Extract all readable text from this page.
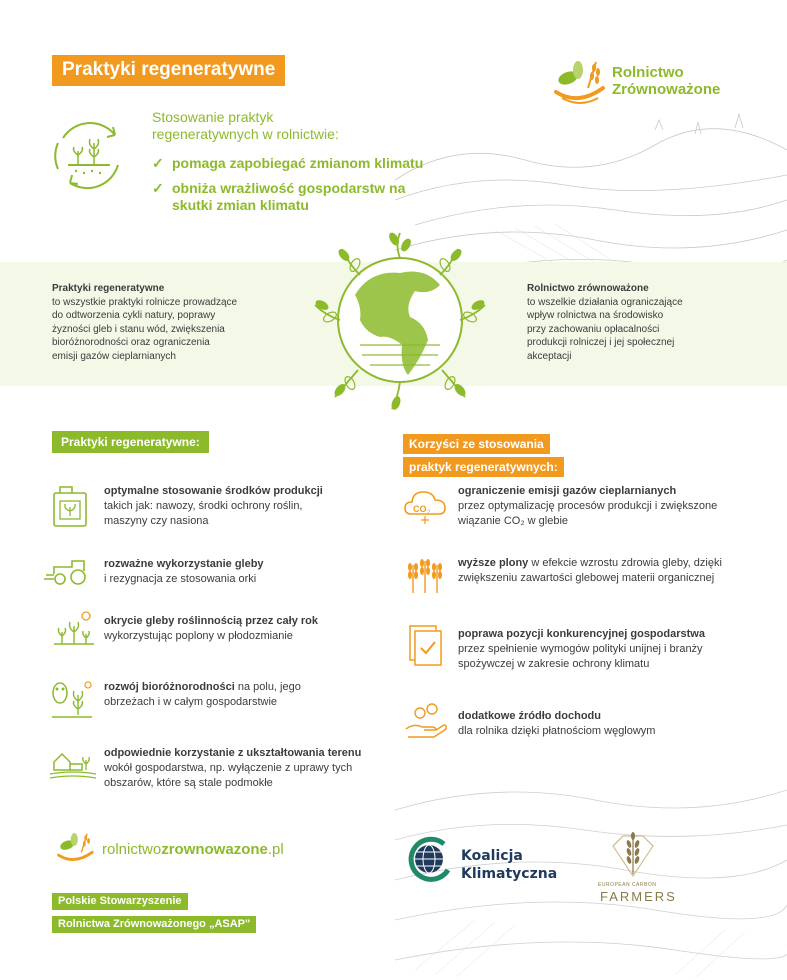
Praktyki regeneratywne	Rolnictwo
Zrównoważone
Stosowanie praktyk
regeneratywnych w rolnictwie:
✓ pomaga zapobiegać zmianom klimatu
✓ obniża wrażliwość gospodarstw na skutki zmian klimatu
Praktyki regeneratywne
to wszystkie praktyki rolnicze prowadzące
do odtworzenia cykli natury, poprawy
żyzności gleb i stanu wód, zwiększenia
bioróżnorodności oraz ograniczenia
emisji gazów cieplarnianych
Rolnictwo zrównoważone
to wszelkie działania ograniczające
wpływ rolnictwa na środowisko
przy zachowaniu opłacalności
produkcji rolniczej i jej społecznej
akceptacji
Praktyki regeneratywne:	Korzyści ze stosowania
praktyk regeneratywnych:
optymalne stosowanie środków produkcji takich jak: nawozy, środki ochrony roślin, maszyny czy nasiona
rozważne wykorzystanie gleby
i rezygnacja ze stosowania orki
okrycie gleby roślinnością przez cały rok
wykorzystując poplony w płodozmianie
rozwój bioróżnorodności na polu, jego obrzeżach i w całym gospodarstwie
odpowiednie korzystanie z ukształtowania terenu wokół gospodarstwa, np. wyłączenie z uprawy tych obszarów, które są stale podmokłe
CO 2
ograniczenie emisji gazów cieplarnianych
przez optymalizację procesów produkcji i zwiększone wiązanie CO₂ w glebie
wyższe plony w efekcie wzrostu zdrowia gleby, dzięki zwiększeniu zawartości glebowej materii organicznej
poprawa pozycji konkurencyjnej gospodarstwa przez spełnienie wymogów polityki unijnej i branży spożywczej w zakresie ochrony klimatu
dodatkowe źródło dochodu
dla rolnika dzięki płatnościom węglowym
rolnictwozrownowazone.pl
Polskie Stowarzyszenie
Rolnictwa Zrównoważonego „ASAP"
Koalicja
Klimatyczna
EUROPEAN CARBON
FARMERS
